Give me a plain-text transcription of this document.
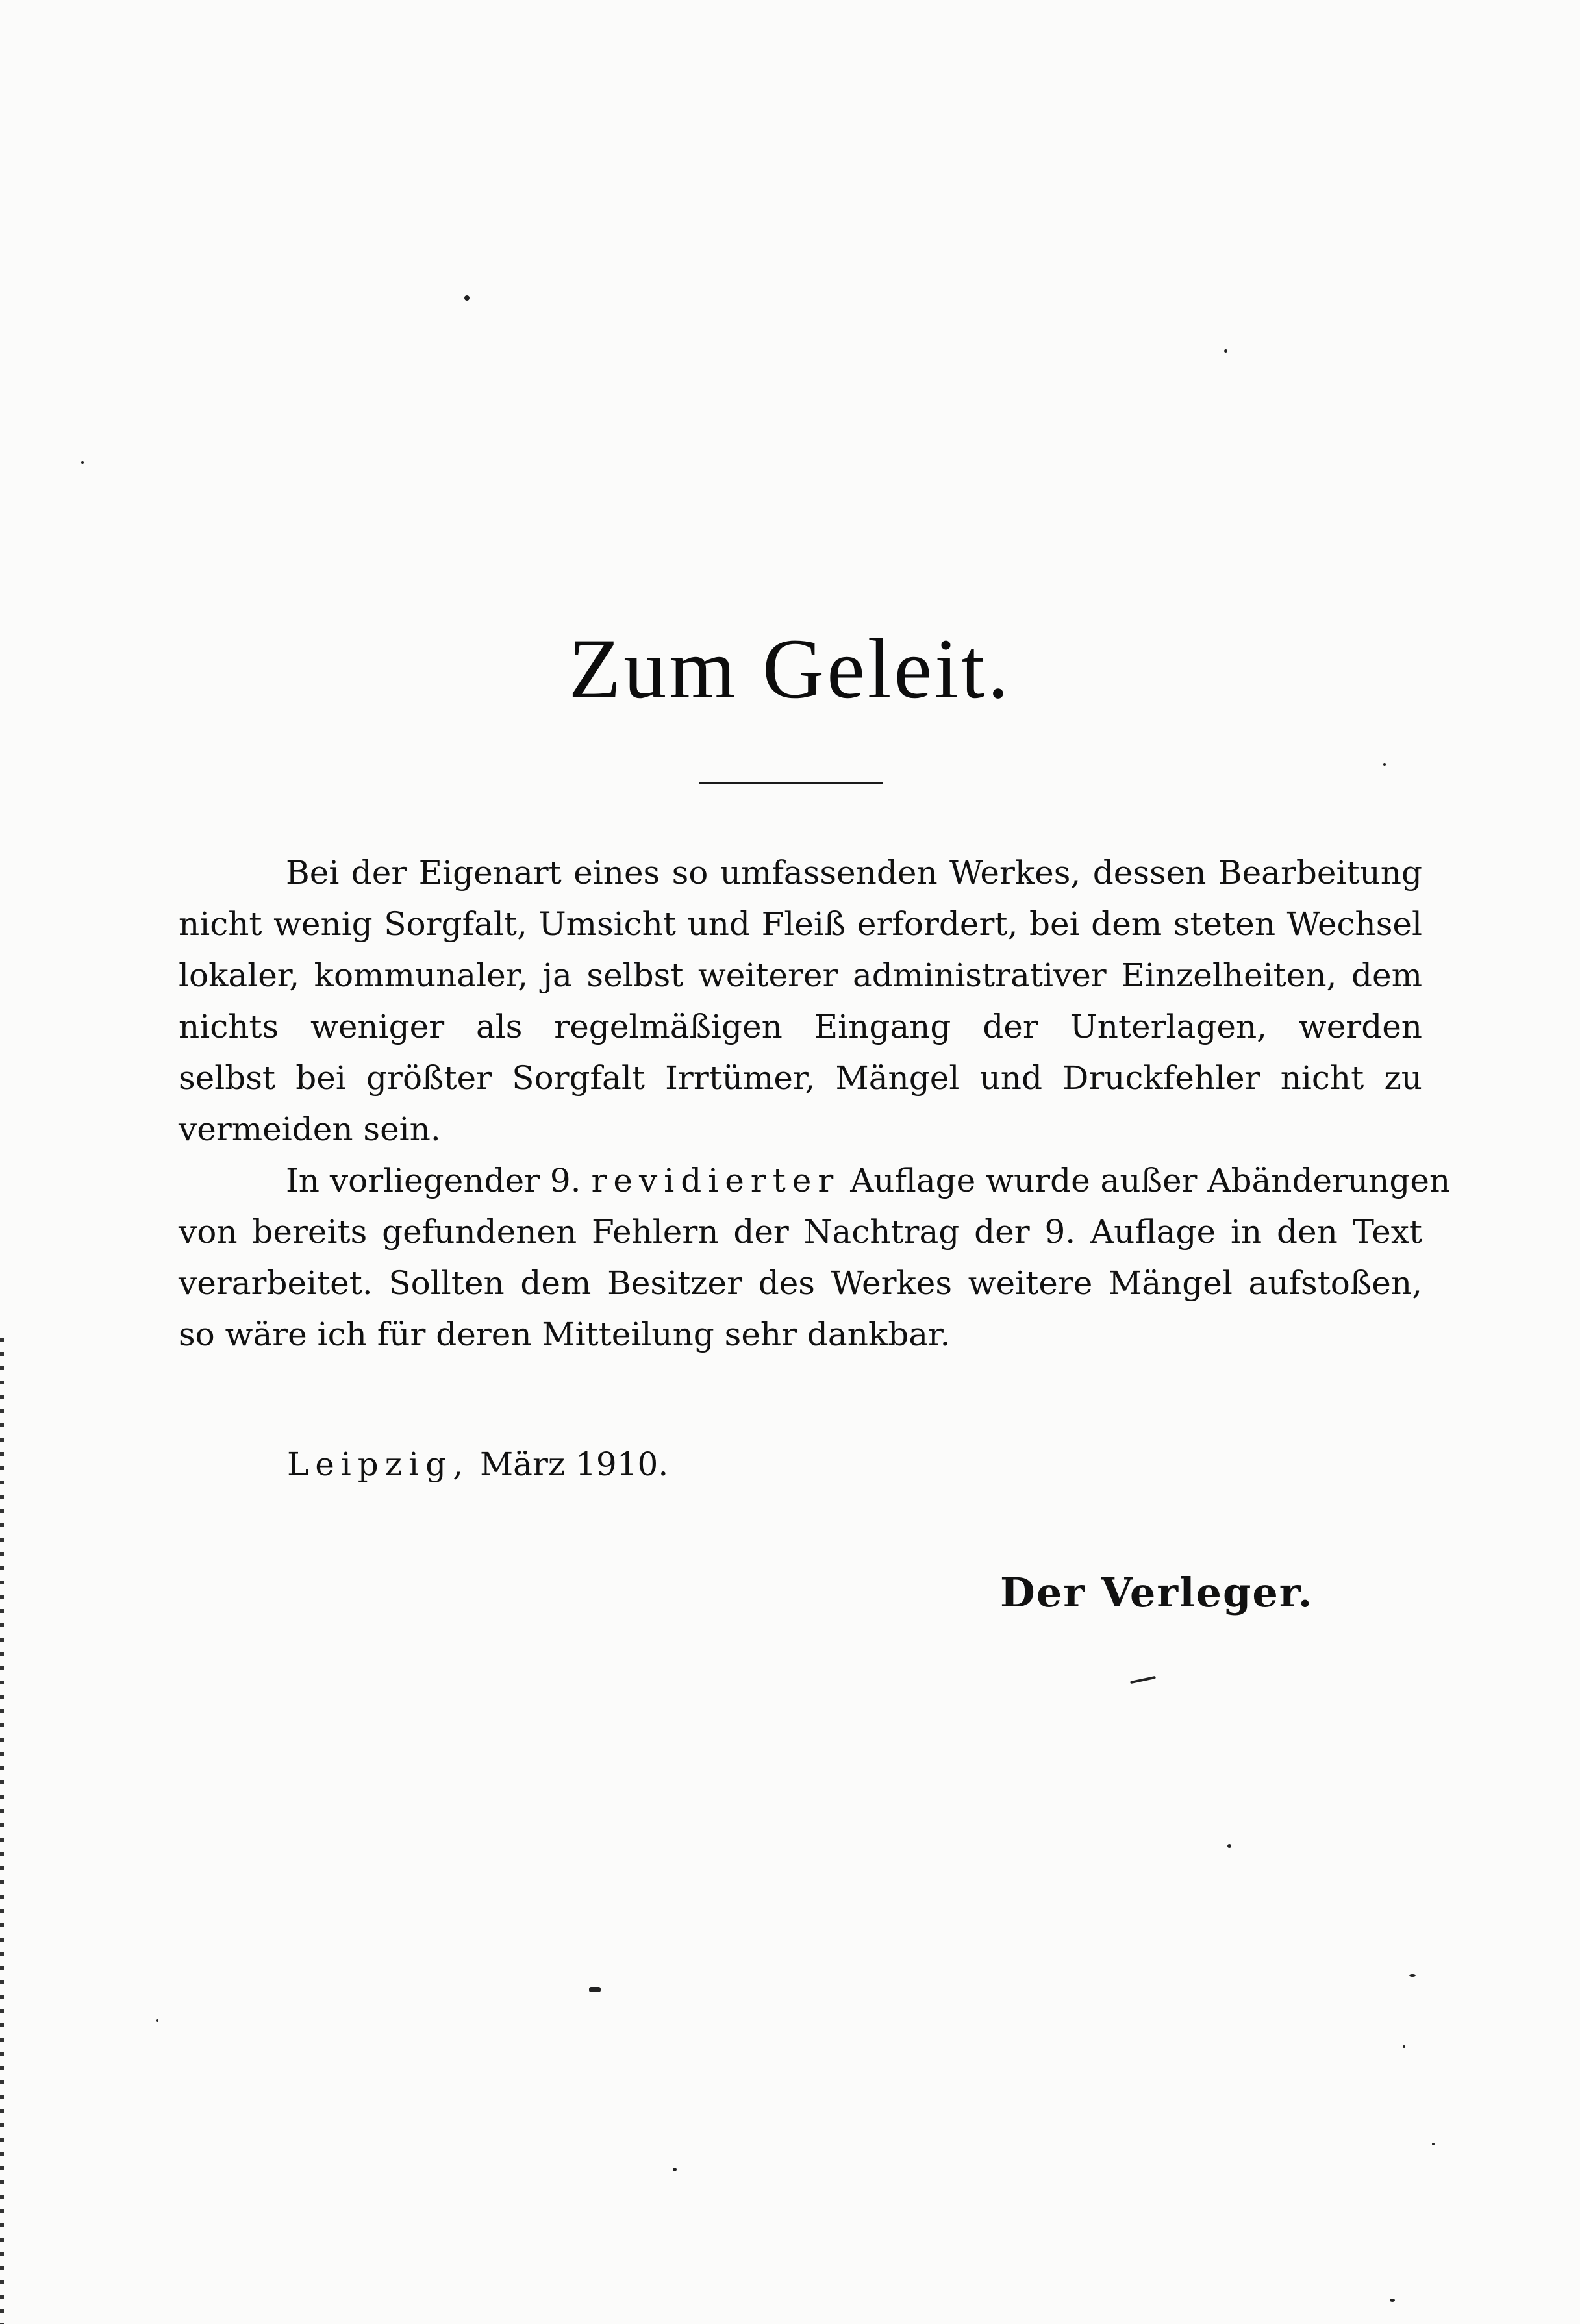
Zum Geleit.

Bei der Eigenart eines so umfassenden Werkes, dessen Bearbeitung
nicht wenig Sorgfalt, Umsicht und Fleiß erfordert, bei dem steten Wechsel
lokaler, kommunaler, ja selbst weiterer administrativer Einzelheiten, dem
nichts weniger als regelmäßigen Eingang der Unterlagen, werden
selbst bei größter Sorgfalt Irrtümer, Mängel und Druckfehler nicht zu
vermeiden sein.

In vorliegender 9. revidierter Auflage wurde außer Abänderungen
von bereits gefundenen Fehlern der Nachtrag der 9. Auflage in den Text
verarbeitet. Sollten dem Besitzer des Werkes weitere Mängel aufstoßen,
so wäre ich für deren Mitteilung sehr dankbar.

Leipzig, März 1910.

Der Verleger.
